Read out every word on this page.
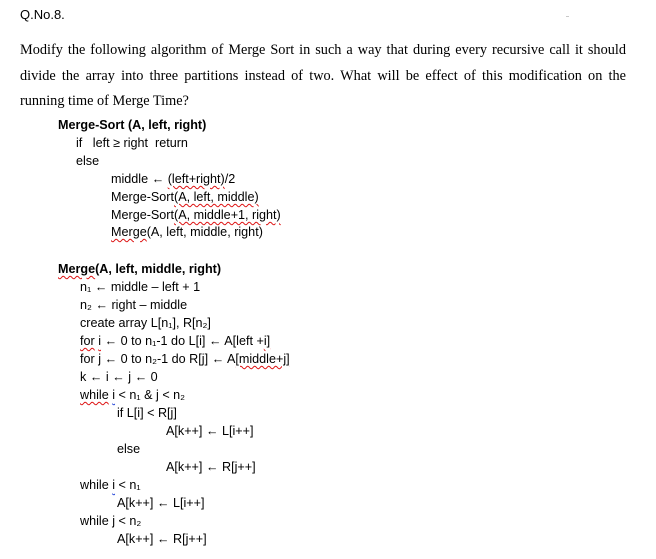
Q.No.8.
Modify the following algorithm of Merge Sort in such a way that during every recursive call it should divide the array into three partitions instead of two. What will be effect of this modification on the running time of Merge Time?
Merge-Sort (A, left, right)
if   left ≥ right  return
else
middle ← (left+right)/2
Merge-Sort(A, left, middle)
Merge-Sort(A, middle+1, right)
Merge(A, left, middle, right)
Merge(A, left, middle, right)
n₁ ← middle – left + 1
n₂ ← right – middle
create array L[n₁], R[n₂]
for i ← 0 to n₁-1 do L[i] ← A[left +i]
for j ← 0 to n₂-1 do R[j] ← A[middle+j]
k ← i ← j ← 0
while i < n₁ & j < n₂
if L[i] < R[j]
A[k++] ← L[i++]
else
A[k++] ← R[j++]
while i < n₁
A[k++] ← L[i++]
while j < n₂
A[k++] ← R[j++]
